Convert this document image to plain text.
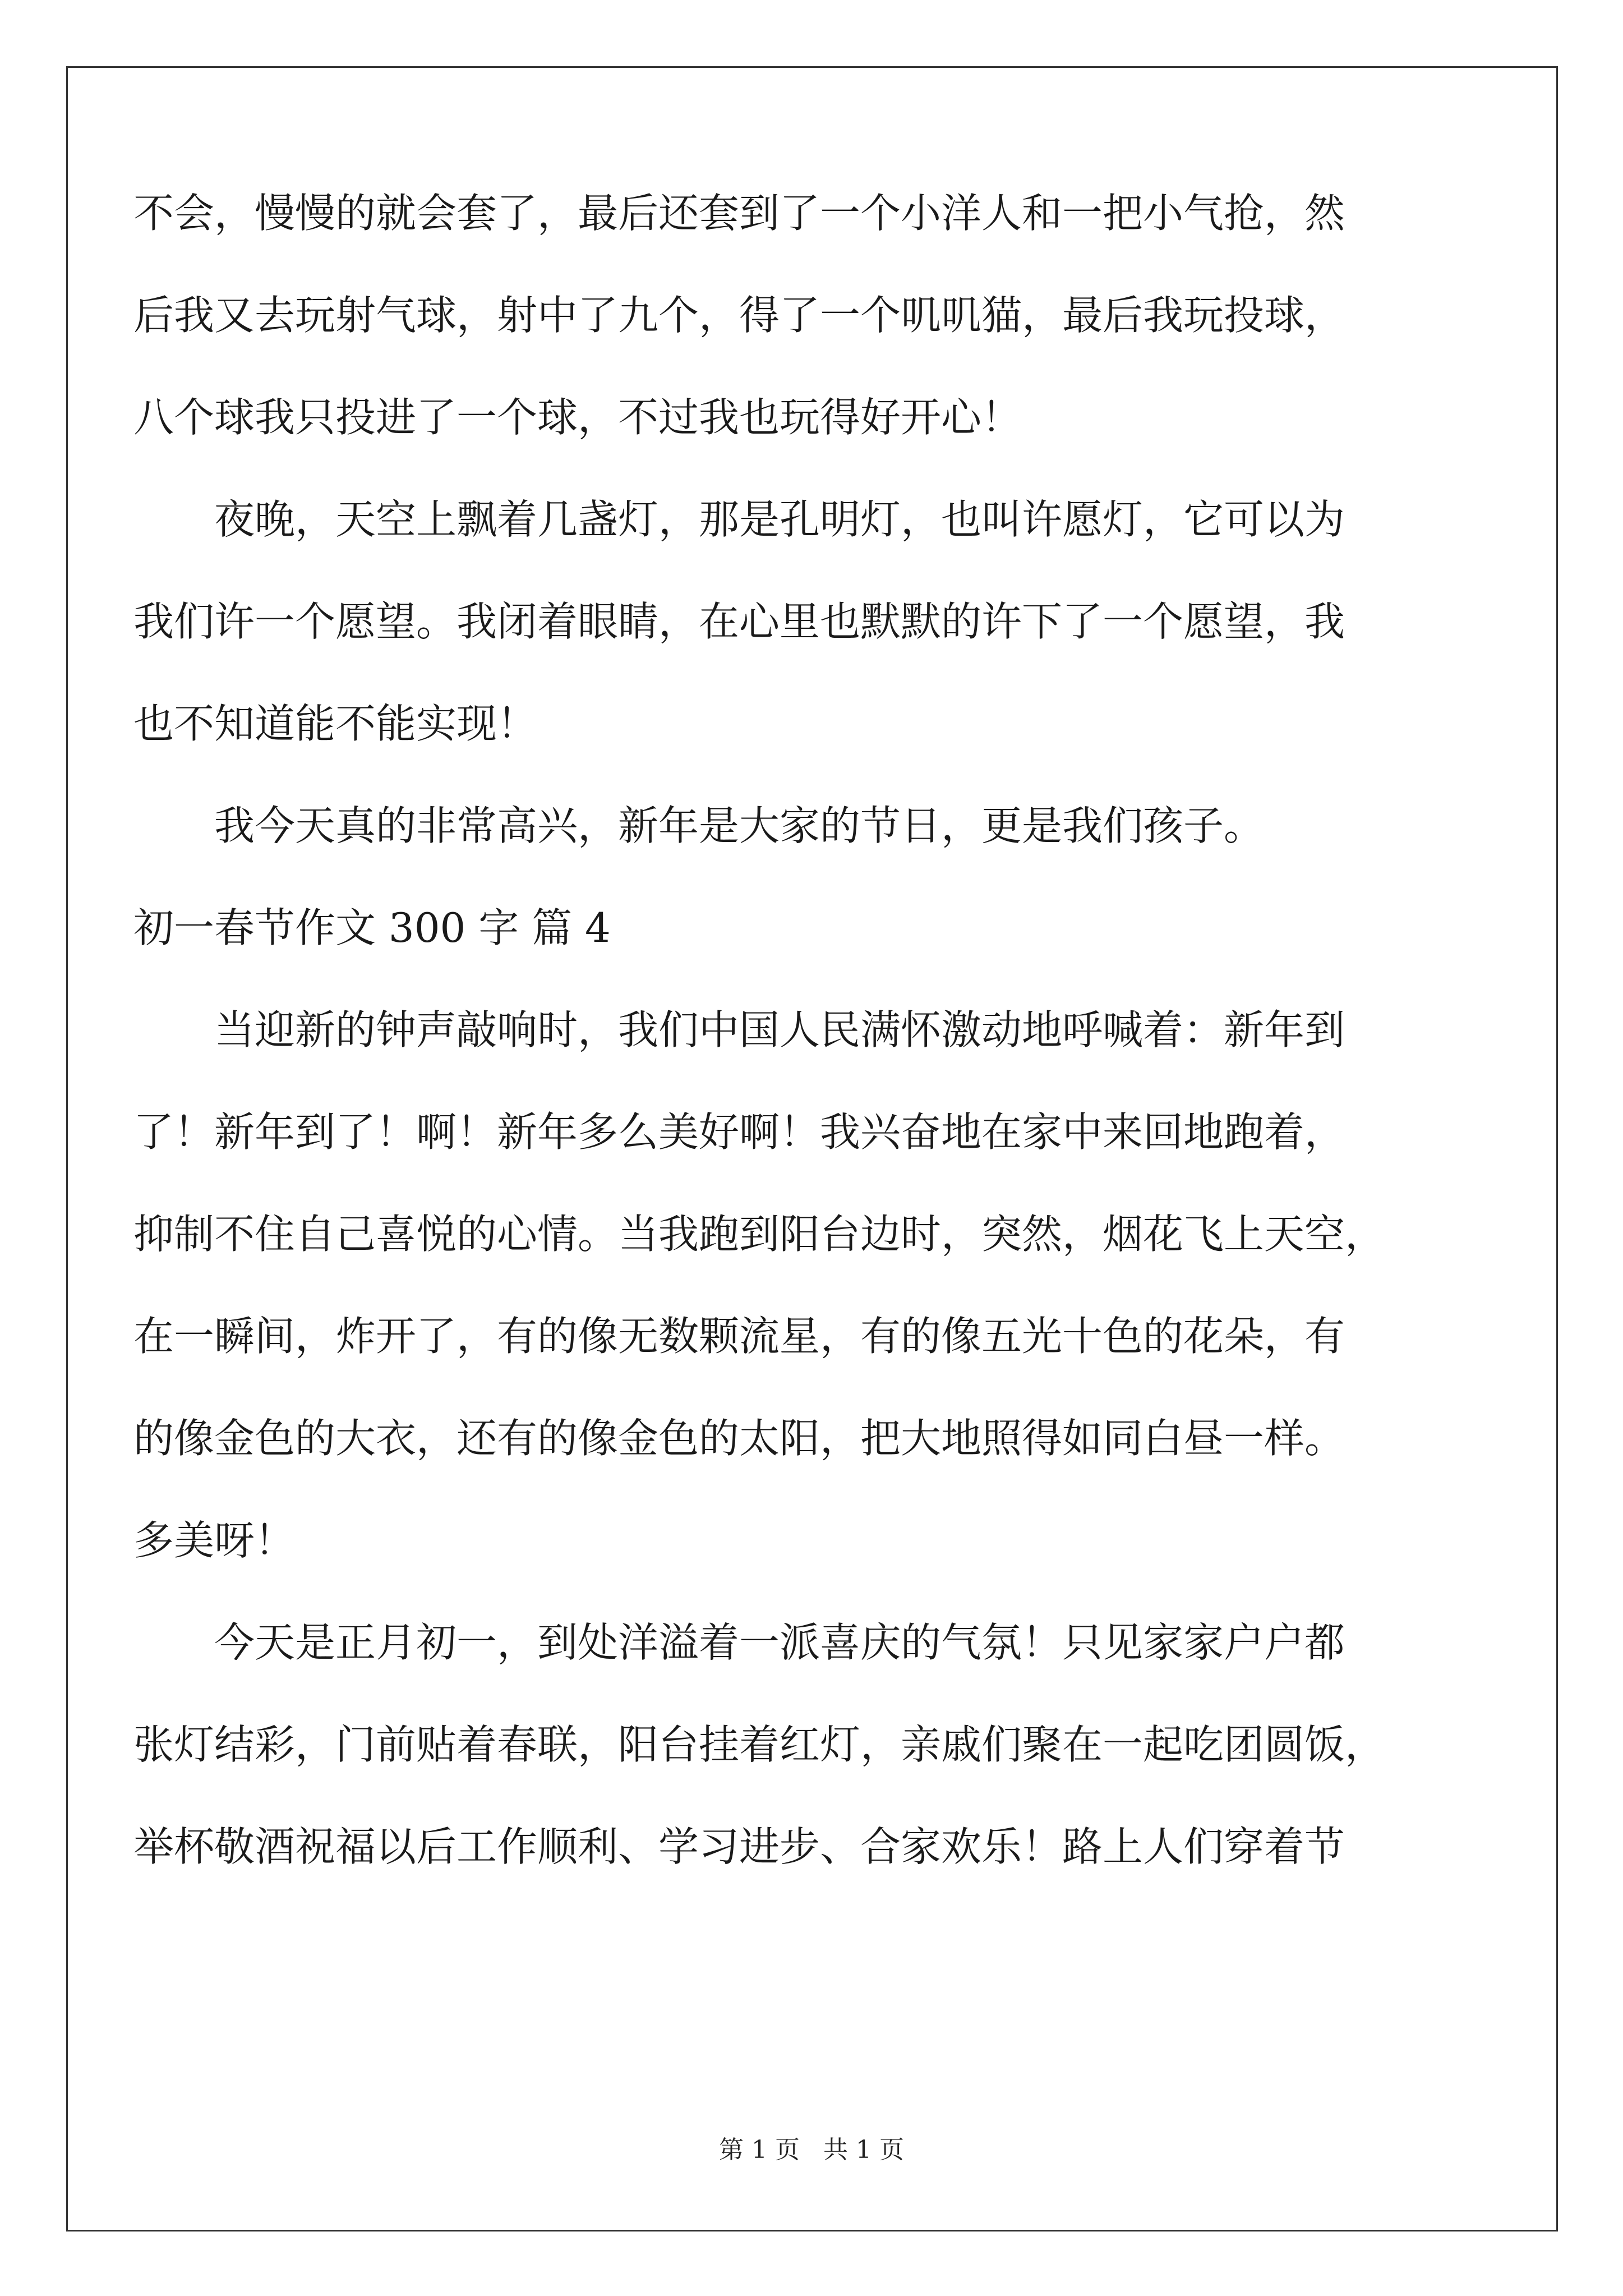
不会，慢慢的就会套了，最后还套到了一个小洋人和一把小气抢，然
后我又去玩射气球，射中了九个，得了一个叽叽猫，最后我玩投球，
八个球我只投进了一个球，不过我也玩得好开心！
夜晚，天空上飘着几盏灯，那是孔明灯，也叫许愿灯，它可以为
我们许一个愿望。我闭着眼睛，在心里也默默的许下了一个愿望，我
也不知道能不能实现！
我今天真的非常高兴，新年是大家的节日，更是我们孩子。
初一春节作文 300 字 篇 4
当迎新的钟声敲响时，我们中国人民满怀激动地呼喊着：新年到
了！新年到了！啊！新年多么美好啊！我兴奋地在家中来回地跑着，
抑制不住自己喜悦的心情。当我跑到阳台边时，突然，烟花飞上天空，
在一瞬间，炸开了，有的像无数颗流星，有的像五光十色的花朵，有
的像金色的大衣，还有的像金色的太阳，把大地照得如同白昼一样。
多美呀！
今天是正月初一，到处洋溢着一派喜庆的气氛！只见家家户户都
张灯结彩，门前贴着春联，阳台挂着红灯，亲戚们聚在一起吃团圆饭，
举杯敬酒祝福以后工作顺利、学习进步、合家欢乐！路上人们穿着节
第 1 页 共 1 页
